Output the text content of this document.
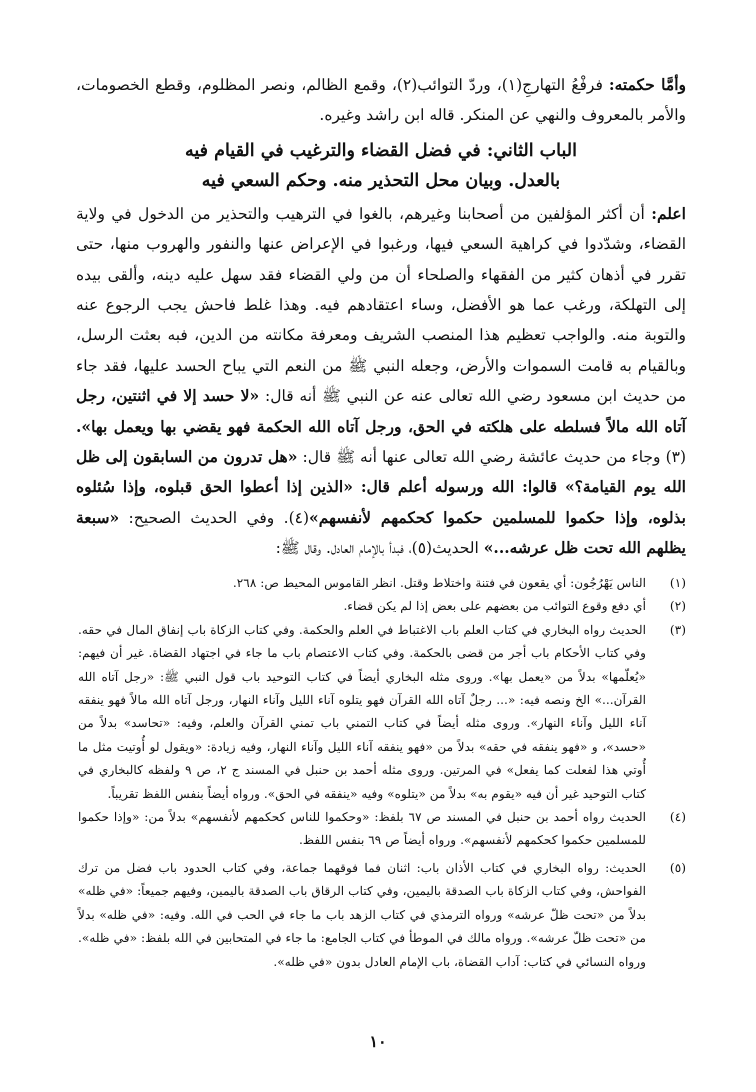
وأمَّا حكمته: فرفْعُ التهارجِ(١)، وردّ التوائب(٢)، وقمع الظالم، ونصر المظلوم، وقطع الخصومات، والأمر بالمعروف والنهي عن المنكر. قاله ابن راشد وغيره.

الباب الثاني: في فضل القضاء والترغيب في القيام فيه
بالعدل. وبيان محل التحذير منه. وحكم السعي فيه

اعلم: أن أكثر المؤلفين من أصحابنا وغيرهم، بالغوا في الترهيب والتحذير من الدخول في ولاية القضاء، وشدّدوا في كراهية السعي فيها، ورغبوا في الإعراض عنها والنفور والهروب منها، حتى تقرر في أذهان كثير من الفقهاء والصلحاء أن من ولي القضاء فقد سهل عليه دينه، وألقى بيده إلى التهلكة، ورغب عما هو الأفضل، وساء اعتقادهم فيه. وهذا غلط فاحش يجب الرجوع عنه والتوبة منه. والواجب تعظيم هذا المنصب الشريف ومعرفة مكانته من الدين، فبه بعثت الرسل، وبالقيام به قامت السموات والأرض، وجعله النبي ﷺ من النعم التي يباح الحسد عليها، فقد جاء من حديث ابن مسعود رضي الله تعالى عنه عن النبي ﷺ أنه قال: «لا حسد إلا في اثنتين، رجل آتاه الله مالاً فسلطه على هلكته في الحق، ورجل آتاه الله الحكمة فهو يقضي بها ويعمل بها».(٣) وجاء من حديث عائشة رضي الله تعالى عنها أنه ﷺ قال: «هل تدرون من السابقون إلى ظل الله يوم القيامة؟» قالوا: الله ورسوله أعلم قال: «الذين إذا أعطوا الحق قبلوه، وإذا سُئلوه بذلوه، وإذا حكموا للمسلمين حكموا كحكمهم لأنفسهم»(٤). وفي الحديث الصحيح: «سبعة يظلهم الله تحت ظل عرشه...» الحديث(٥)، فبدأ بالإمام العادل. وقال ﷺ:

(١)
الناس يَهْرُجُون: أي يقعون في فتنة واختلاط وقتل. انظر القاموس المحيط ص: ٢٦٨.
(٢)
أي دفع وقوع التوائب من بعضهم على بعض إذا لم يكن قضاء.
(٣)
الحديث رواه البخاري في كتاب العلم باب الاغتباط في العلم والحكمة. وفي كتاب الزكاة باب إنفاق المال في حقه. وفي كتاب الأحكام باب أجر من قضى بالحكمة. وفي كتاب الاعتصام باب ما جاء في اجتهاد القضاة. غير أن فيهم: «يُعلّمها» بدلاً من «يعمل بها». وروى مثله البخاري أيضاً في كتاب التوحيد باب قول النبي ﷺ: «رجل آتاه الله القرآن...» الخ ونصه فيه: «... رجلٌ آتاه الله القرآن فهو يتلوه آناء الليل وآناء النهار، ورجل آتاه الله مالاً فهو ينفقه آناء الليل وآناء النهار». وروى مثله أيضاً في كتاب التمني باب تمني القرآن والعلم، وفيه: «تحاسد» بدلاً من «حسد»، و «فهو ينفقه في حقه» بدلاً من «فهو ينفقه آناء الليل وآناء النهار، وفيه زيادة: «ويقول لو أُوتيت مثل ما أُوتي هذا لفعلت كما يفعل» في المرتين. وروى مثله أحمد بن حنبل في المسند ج ٢، ص ٩ ولفظه كالبخاري في كتاب التوحيد غير أن فيه «يقوم به» بدلاً من «يتلوه» وفيه «ينفقه في الحق». ورواه أيضاً بنفس اللفظ تقريباً.
(٤)
الحديث رواه أحمد بن حنبل في المسند ص ٦٧ بلفظ: «وحكموا للناس كحكمهم لأنفسهم» بدلاً من: «وإذا حكموا للمسلمين حكموا كحكمهم لأنفسهم». ورواه أيضاً ص ٦٩ بنفس اللفظ.
(٥)
الحديث: رواه البخاري في كتاب الأذان باب: اثنان فما فوقهما جماعة، وفي كتاب الحدود باب فضل من ترك الفواحش، وفي كتاب الزكاة باب الصدقة باليمين، وفي كتاب الرقاق باب الصدقة باليمين، وفيهم جميعاً: «في ظله» بدلاً من «تحت ظلّ عرشه» ورواه الترمذي في كتاب الزهد باب ما جاء في الحب في الله. وفيه: «في ظله» بدلاً من «تحت ظلّ عرشه». ورواه مالك في الموطأ في كتاب الجامع: ما جاء في المتحابين في الله بلفظ: «في ظله». ورواه النسائي في كتاب: آداب القضاة، باب الإمام العادل بدون «في ظله».
١٠
